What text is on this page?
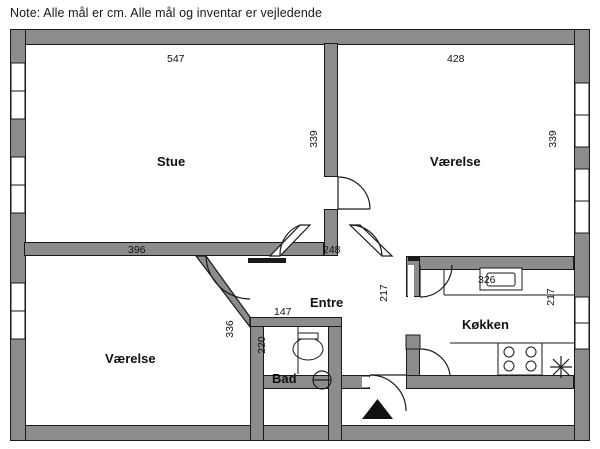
Note: Alle mål er cm. Alle mål og inventar er vejledende
Stue	Værelse
Værelse
Entre
Bad
Køkken
547	428
339	339
396	248
326
217	217
336
147
220
